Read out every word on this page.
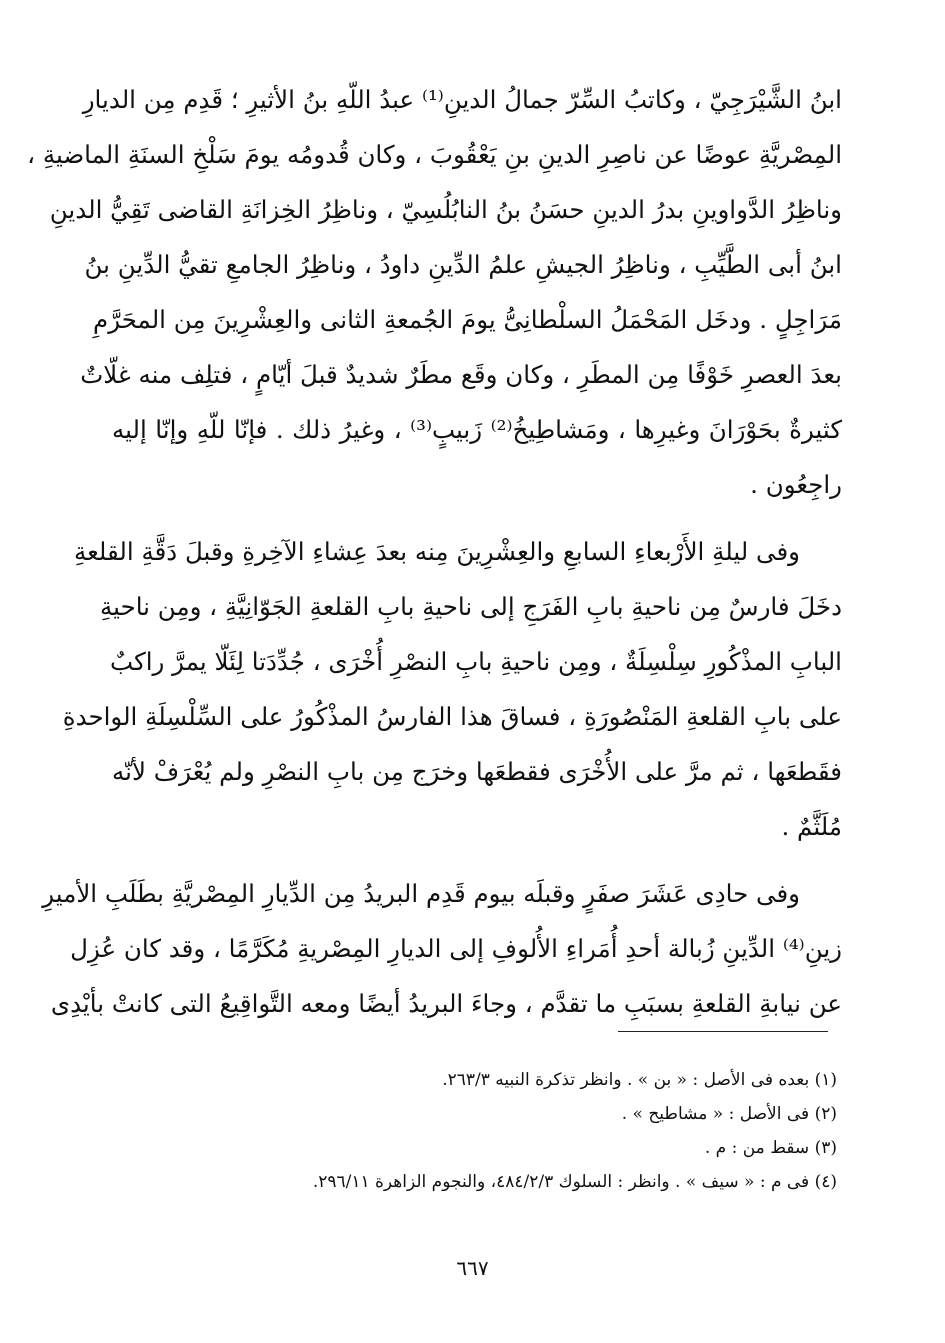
ابنُ الشَّيْرَجِيّ ، وكاتبُ السِّرّ جمالُ الدينِ⁽¹⁾ عبدُ اللّهِ بنُ الأثيرِ ؛ قَدِم مِن الديارِ
المِصْريَّةِ عوضًا عن ناصِرِ الدينِ بنِ يَعْقُوبَ ، وكان قُدومُه يومَ سَلْخِ السنَةِ الماضيةِ ،
وناظِرُ الدَّواوينِ بدرُ الدينِ حسَنُ بنُ النابُلُسِيّ ، وناظِرُ الخِزانَةِ القاضى تَقِيُّ الدينِ
ابنُ أبى الطَّيِّبِ ، وناظِرُ الجيشِ علمُ الدِّينِ داودُ ، وناظِرُ الجامعِ تقيُّ الدِّينِ بنُ
مَرَاجِلٍ . ودخَل المَحْمَلُ السلْطانِىُّ يومَ الجُمعةِ الثانى والعِشْرِينَ مِن المحَرَّمِ
بعدَ العصرِ خَوْفًا مِن المطَرِ ، وكان وقَع مطَرٌ شديدٌ قبلَ أيّامٍ ، فتلِف منه غلّاتٌ
كثيرةٌ بحَوْرَانَ وغيرِها ، ومَشاطِيخُ⁽²⁾ زَبيبٍ⁽³⁾ ، وغيرُ ذلك . فإنّا للّهِ وإنّا إليه
راجِعُون .
وفى ليلةِ الأَرْبعاءِ السابعِ والعِشْرِينَ مِنه بعدَ عِشاءِ الآخِرةِ وقبلَ دَقَّةِ القلعةِ
دخَلَ فارسٌ مِن ناحيةِ بابِ الفَرَجِ إلى ناحيةِ بابِ القلعةِ الجَوّانِيَّةِ ، ومِن ناحيةِ
البابِ المذْكُورِ سِلْسِلَةٌ ، ومِن ناحيةِ بابِ النصْرِ أُخْرَى ، جُدِّدَتا لِئَلّا يمرَّ راكبٌ
على بابِ القلعةِ المَنْصُورَةِ ، فساقَ هذا الفارسُ المذْكُورُ على السِّلْسِلَةِ الواحدةِ
فقَطعَها ، ثم مرَّ على الأُخْرَى فقطعَها وخرَج مِن بابِ النصْرِ ولم يُعْرَفْ لأنّه
مُلَثَّمٌ .
وفى حادِى عَشَرَ صفَرٍ وقبلَه بيوم قَدِم البريدُ مِن الدِّيارِ المِصْريَّةِ بطَلَبِ الأميرِ
زينِ⁽⁴⁾ الدِّينِ زُبالة أحدِ أُمَراءِ الأُلوفِ إلى الديارِ المِصْريةِ مُكَرَّمًا ، وقد كان عُزِل
عن نيابةِ القلعةِ بسبَبِ ما تقدَّم ، وجاءَ البريدُ أيضًا ومعه التَّواقِيعُ التى كانتْ بأيْدِى
(١) بعده فى الأصل : « بن » . وانظر تذكرة النبيه ٢٦٣/٣.
(٢) فى الأصل : « مشاطيح » .
(٣) سقط من : م .
(٤) فى م : « سيف » . وانظر : السلوك ٤٨٤/٢/٣، والنجوم الزاهرة ٢٩٦/١١.
٦٦٧
